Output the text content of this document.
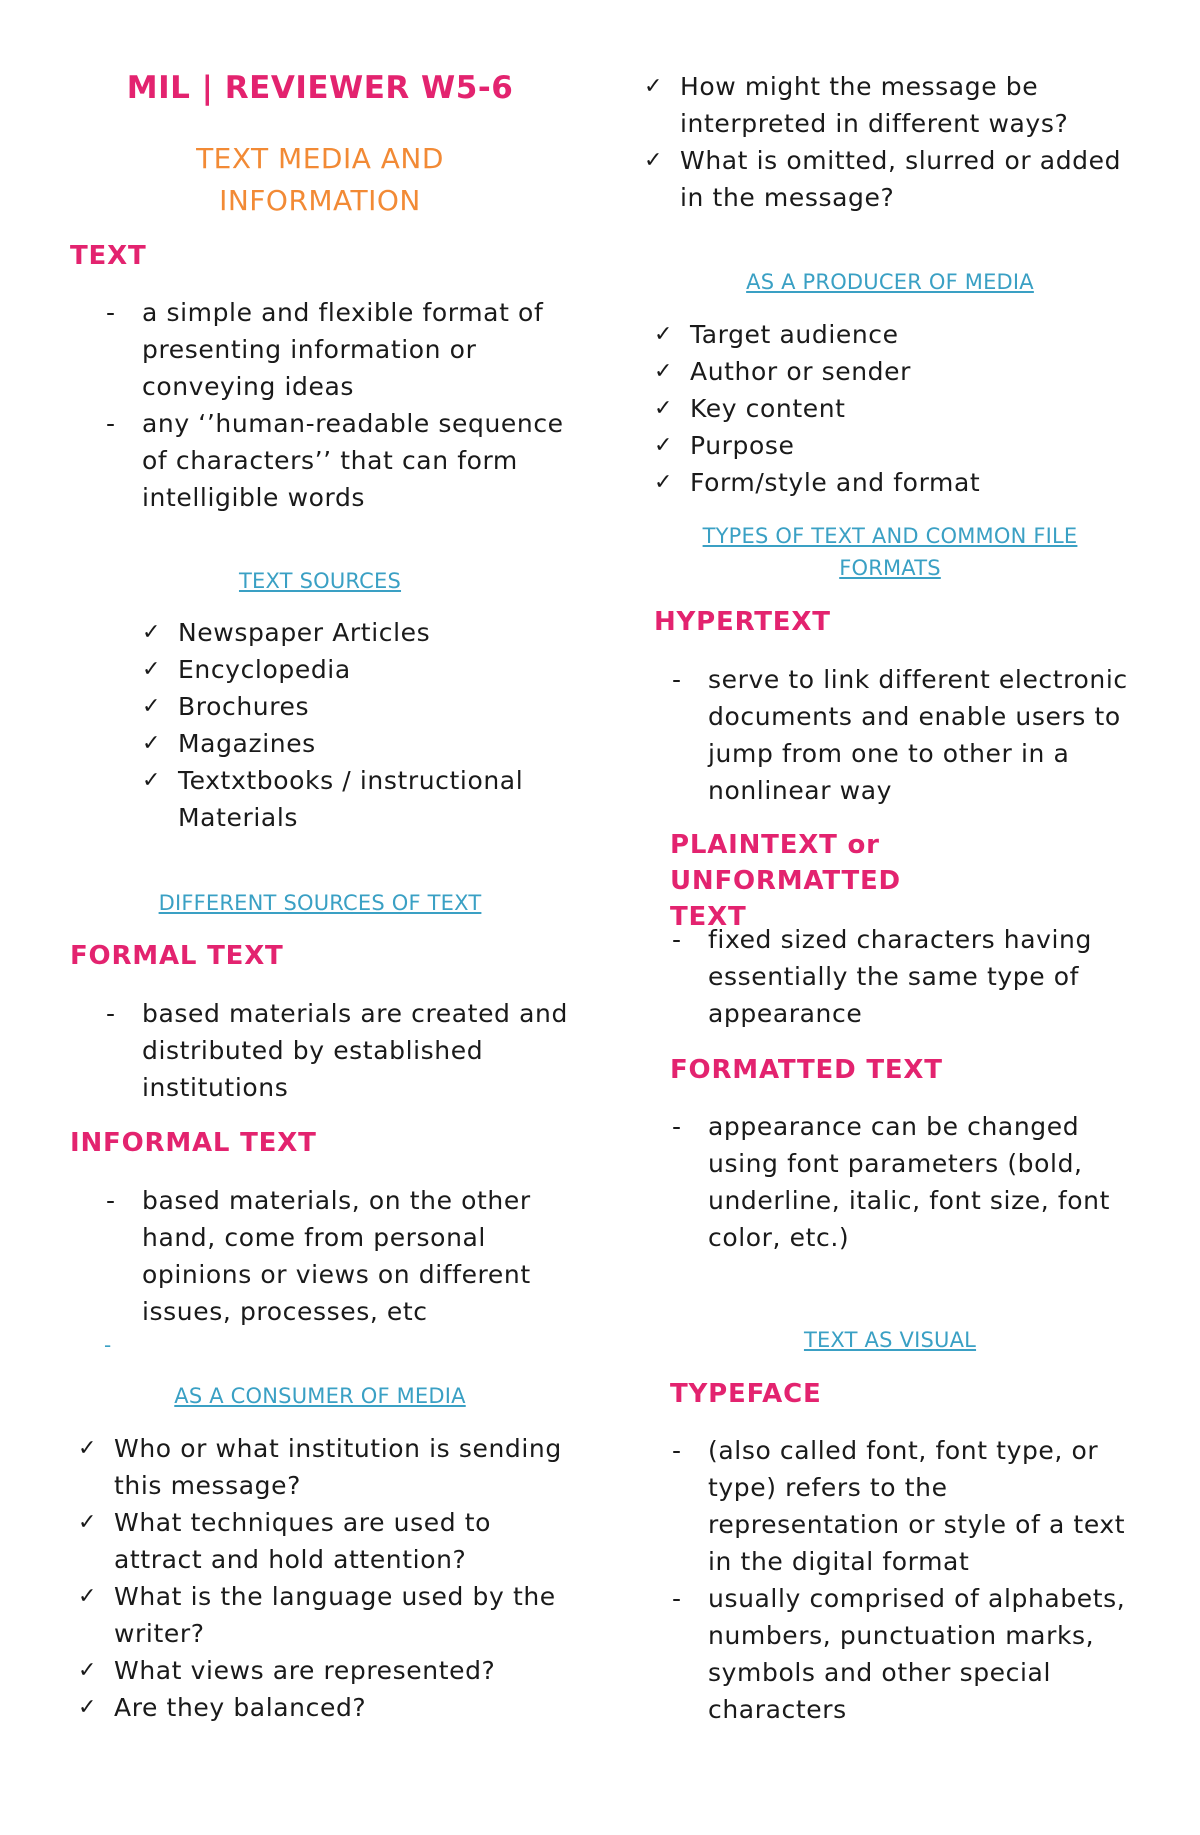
MIL | REVIEWER W5-6
TEXT MEDIA AND
INFORMATION
TEXT
- a simple and flexible format of presenting information or conveying ideas
- any ‘’human-readable sequence of characters’’ that can form intelligible words
TEXT SOURCES
✓ Newspaper Articles
✓ Encyclopedia
✓ Brochures
✓ Magazines
✓ Textxtbooks / instructional Materials
DIFFERENT SOURCES OF TEXT
FORMAL TEXT
- based materials are created and distributed by established institutions
INFORMAL TEXT
- based materials, on the other hand, come from personal opinions or views on different issues, processes, etc
-
AS A CONSUMER OF MEDIA
✓ Who or what institution is sending this message?
✓ What techniques are used to attract and hold attention?
✓ What is the language used by the writer?
✓ What views are represented?
✓ Are they balanced?
✓ How might the message be interpreted in different ways?
✓ What is omitted, slurred or added in the message?
AS A PRODUCER OF MEDIA
✓ Target audience
✓ Author or sender
✓ Key content
✓ Purpose
✓ Form/style and format
TYPES OF TEXT AND COMMON FILE
FORMATS
HYPERTEXT
- serve to link different electronic documents and enable users to jump from one to other in a nonlinear way
PLAINTEXT or UNFORMATTED
TEXT
- fixed sized characters having essentially the same type of appearance
FORMATTED TEXT
- appearance can be changed using font parameters (bold, underline, italic, font size, font color, etc.)
TEXT AS VISUAL
TYPEFACE
- (also called font, font type, or type) refers to the representation or style of a text in the digital format
- usually comprised of alphabets, numbers, punctuation marks, symbols and other special characters
